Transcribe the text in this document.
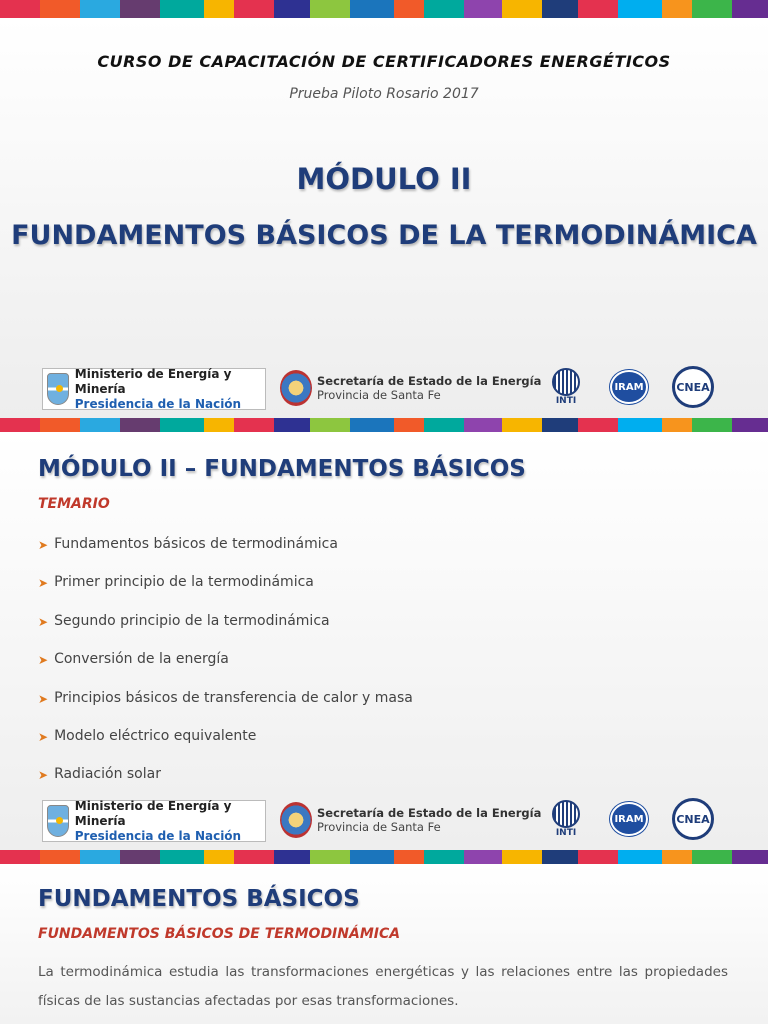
CURSO DE CAPACITACIÓN DE CERTIFICADORES ENERGÉTICOS
Prueba Piloto Rosario 2017
MÓDULO II
FUNDAMENTOS BÁSICOS DE LA TERMODINÁMICA
Ministerio de Energía y Minería
Presidencia de la Nación
Secretaría de Estado de la Energía
Provincia de Santa Fe	INTI
IRAM	CNEA
MÓDULO II – FUNDAMENTOS BÁSICOS
TEMARIO
➤ Fundamentos básicos de termodinámica
➤ Primer principio de la termodinámica
➤ Segundo principio de la termodinámica
➤ Conversión de la energía
➤ Principios básicos de transferencia de calor y masa
➤ Modelo eléctrico equivalente
➤ Radiación solar
Ministerio de Energía y Minería
Presidencia de la Nación
Secretaría de Estado de la Energía
Provincia de Santa Fe	INTI
IRAM	CNEA
FUNDAMENTOS BÁSICOS
FUNDAMENTOS BÁSICOS DE TERMODINÁMICA
La termodinámica estudia las transformaciones energéticas y las relaciones entre las propiedades físicas de las sustancias afectadas por esas transformaciones.
